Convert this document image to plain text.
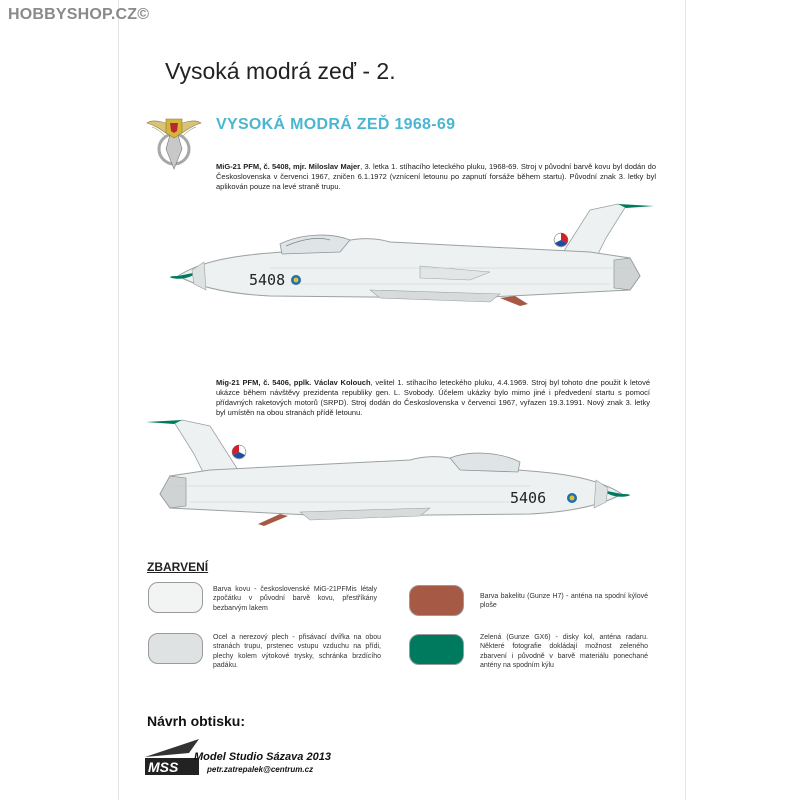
HOBBYSHOP.CZ©
Vysoká modrá zeď - 2.
VYSOKÁ MODRÁ ZEĎ 1968-69
MiG-21 PFM, č. 5408, mjr. Miloslav Majer, 3. letka 1. stíhacího leteckého pluku, 1968-69. Stroj v původní barvě kovu byl dodán do Československa v červenci 1967, zničen 6.1.1972 (vznícení letounu po zapnutí forsáže během startu). Původní znak 3. letky byl aplikován pouze na levé straně trupu.
5408
Mig-21 PFM, č. 5406, pplk. Václav Kolouch, velitel 1. stíhacího leteckého pluku, 4.4.1969. Stroj byl tohoto dne použit k letové ukázce během návštěvy prezidenta republiky gen. L. Svobody. Účelem ukázky bylo mimo jiné i předvedení startu s pomocí přídavných raketových motorů (SRPD). Stroj dodán do Československa v červenci 1967, vyřazen 19.3.1991. Nový znak 3. letky byl umístěn na obou stranách přídě letounu.
5406
ZBARVENÍ
Barva kovu - československé MiG-21PFMis létaly zpočátku v původní barvě kovu, přestříkány bezbarvým lakem
Barva bakelitu (Gunze H7) - anténa na spodní kýlové ploše
Ocel a nerezový plech - přisávací dvířka na obou stranách trupu, prstenec vstupu vzduchu na přídi, plechy kolem výtokové trysky, schránka brzdícího padáku.
Zelená (Gunze GX6) - disky kol, anténa radaru. Některé fotografie dokládají možnost zeleného zbarvení i původně v barvě materiálu ponechané antény na spodním kýlu
Návrh obtisku:
MSS
Model Studio Sázava 2013
petr.zatrepalek@centrum.cz
